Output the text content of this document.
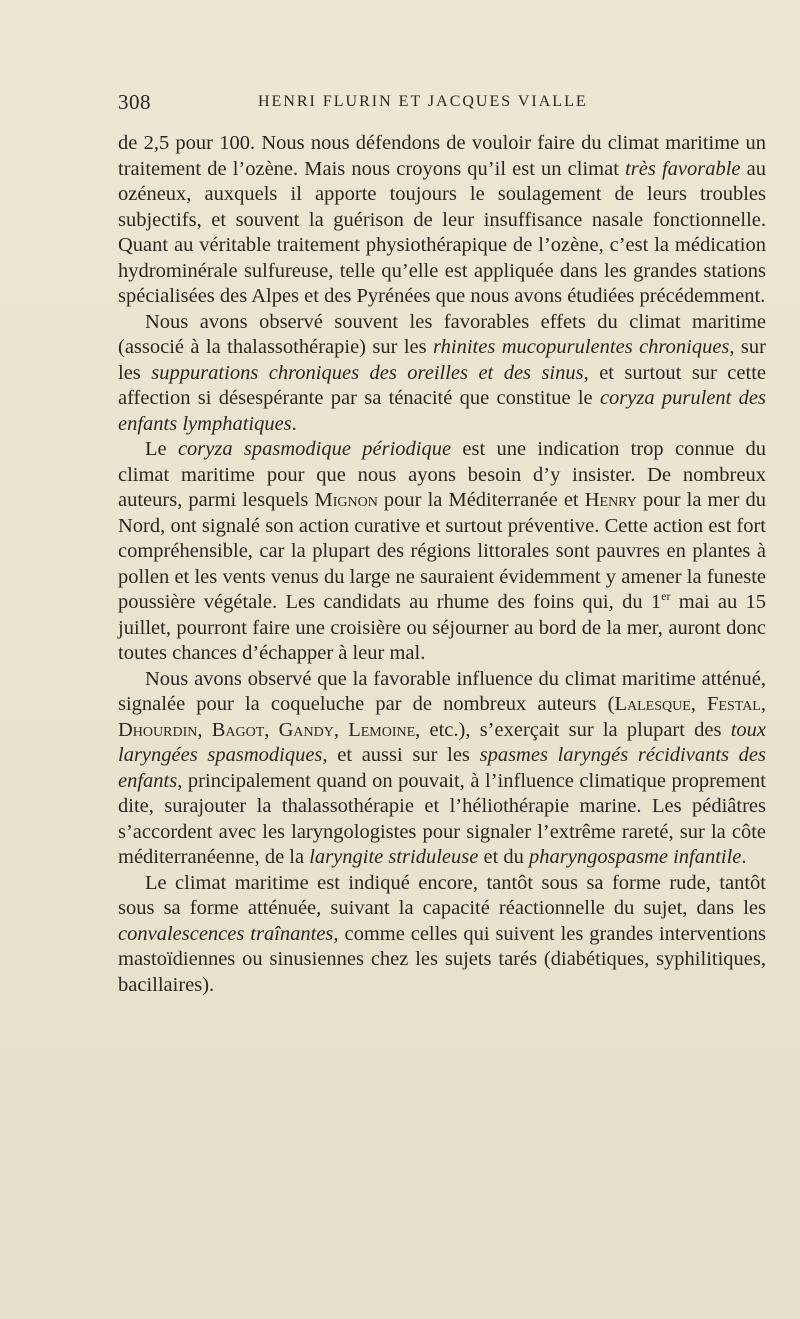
308	HENRI FLURIN ET JACQUES VIALLE

de 2,5 pour 100. Nous nous défendons de vouloir faire du climat maritime un traitement de l’ozène. Mais nous croyons qu’il est un climat très favorable au ozéneux, auxquels il apporte toujours le soulagement de leurs troubles subjectifs, et souvent la guérison de leur insuffisance nasale fonctionnelle. Quant au véritable traitement physiothérapique de l’ozène, c’est la médication hydrominérale sulfureuse, telle qu’elle est appliquée dans les grandes stations spécialisées des Alpes et des Pyrénées que nous avons étudiées précédemment.

Nous avons observé souvent les favorables effets du climat maritime (associé à la thalassothérapie) sur les rhinites mucopurulentes chroniques, sur les suppurations chroniques des oreilles et des sinus, et surtout sur cette affection si désespérante par sa ténacité que constitue le coryza purulent des enfants lymphatiques.

Le coryza spasmodique périodique est une indication trop connue du climat maritime pour que nous ayons besoin d’y insister. De nombreux auteurs, parmi lesquels Mignon pour la Méditerranée et Henry pour la mer du Nord, ont signalé son action curative et surtout préventive. Cette action est fort compréhensible, car la plupart des régions littorales sont pauvres en plantes à pollen et les vents venus du large ne sauraient évidemment y amener la funeste poussière végétale. Les candidats au rhume des foins qui, du 1er mai au 15 juillet, pourront faire une croisière ou séjourner au bord de la mer, auront donc toutes chances d’échapper à leur mal.

Nous avons observé que la favorable influence du climat maritime atténué, signalée pour la coqueluche par de nombreux auteurs (Lalesque, Festal, Dhourdin, Bagot, Gandy, Lemoine, etc.), s’exerçait sur la plupart des toux laryngées spasmodiques, et aussi sur les spasmes laryngés récidivants des enfants, principalement quand on pouvait, à l’influence climatique proprement dite, surajouter la thalassothérapie et l’héliothérapie marine. Les pédiâtres s’accordent avec les laryngologistes pour signaler l’extrême rareté, sur la côte méditerranéenne, de la laryngite striduleuse et du pharyngospasme infantile.

Le climat maritime est indiqué encore, tantôt sous sa forme rude, tantôt sous sa forme atténuée, suivant la capacité réactionnelle du sujet, dans les convalescences traînantes, comme celles qui suivent les grandes interventions mastoïdiennes ou sinusiennes chez les sujets tarés (diabétiques, syphilitiques, bacillaires).
